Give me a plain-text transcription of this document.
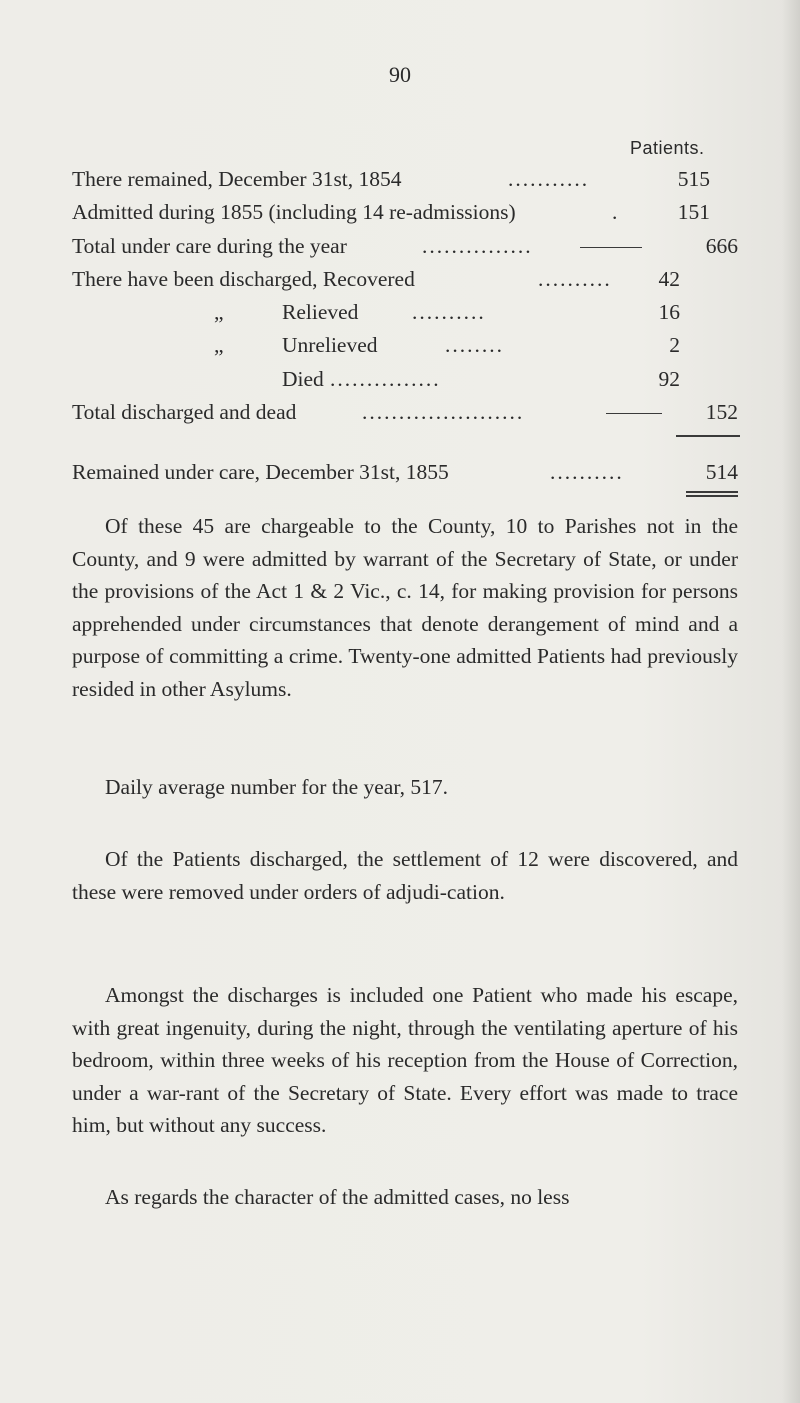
90
Patients.
There remained, December 31st, 1854	...........	515
Admitted during 1855 (including 14 re-admissions)	.	151
Total under care during the year	...............	666
There have been discharged, Recovered	..........	42
„	Relieved ..........	16
„	Unrelieved	........	2
Died ...............	92
Total discharged and dead	......................	152
Remained under care, December 31st, 1855	..........	514

Of these 45 are chargeable to the County, 10 to Parishes not in the County, and 9 were admitted by warrant of the Secretary of State, or under the provisions of the Act 1 & 2 Vic., c. 14, for making provision for persons apprehended under circumstances that denote derangement of mind and a purpose of committing a crime. Twenty-one admitted Patients had previously resided in other Asylums.

Daily average number for the year, 517.

Of the Patients discharged, the settlement of 12 were discovered, and these were removed under orders of adjudi-cation.

Amongst the discharges is included one Patient who made his escape, with great ingenuity, during the night, through the ventilating aperture of his bedroom, within three weeks of his reception from the House of Correction, under a war-rant of the Secretary of State. Every effort was made to trace him, but without any success.

As regards the character of the admitted cases, no less
